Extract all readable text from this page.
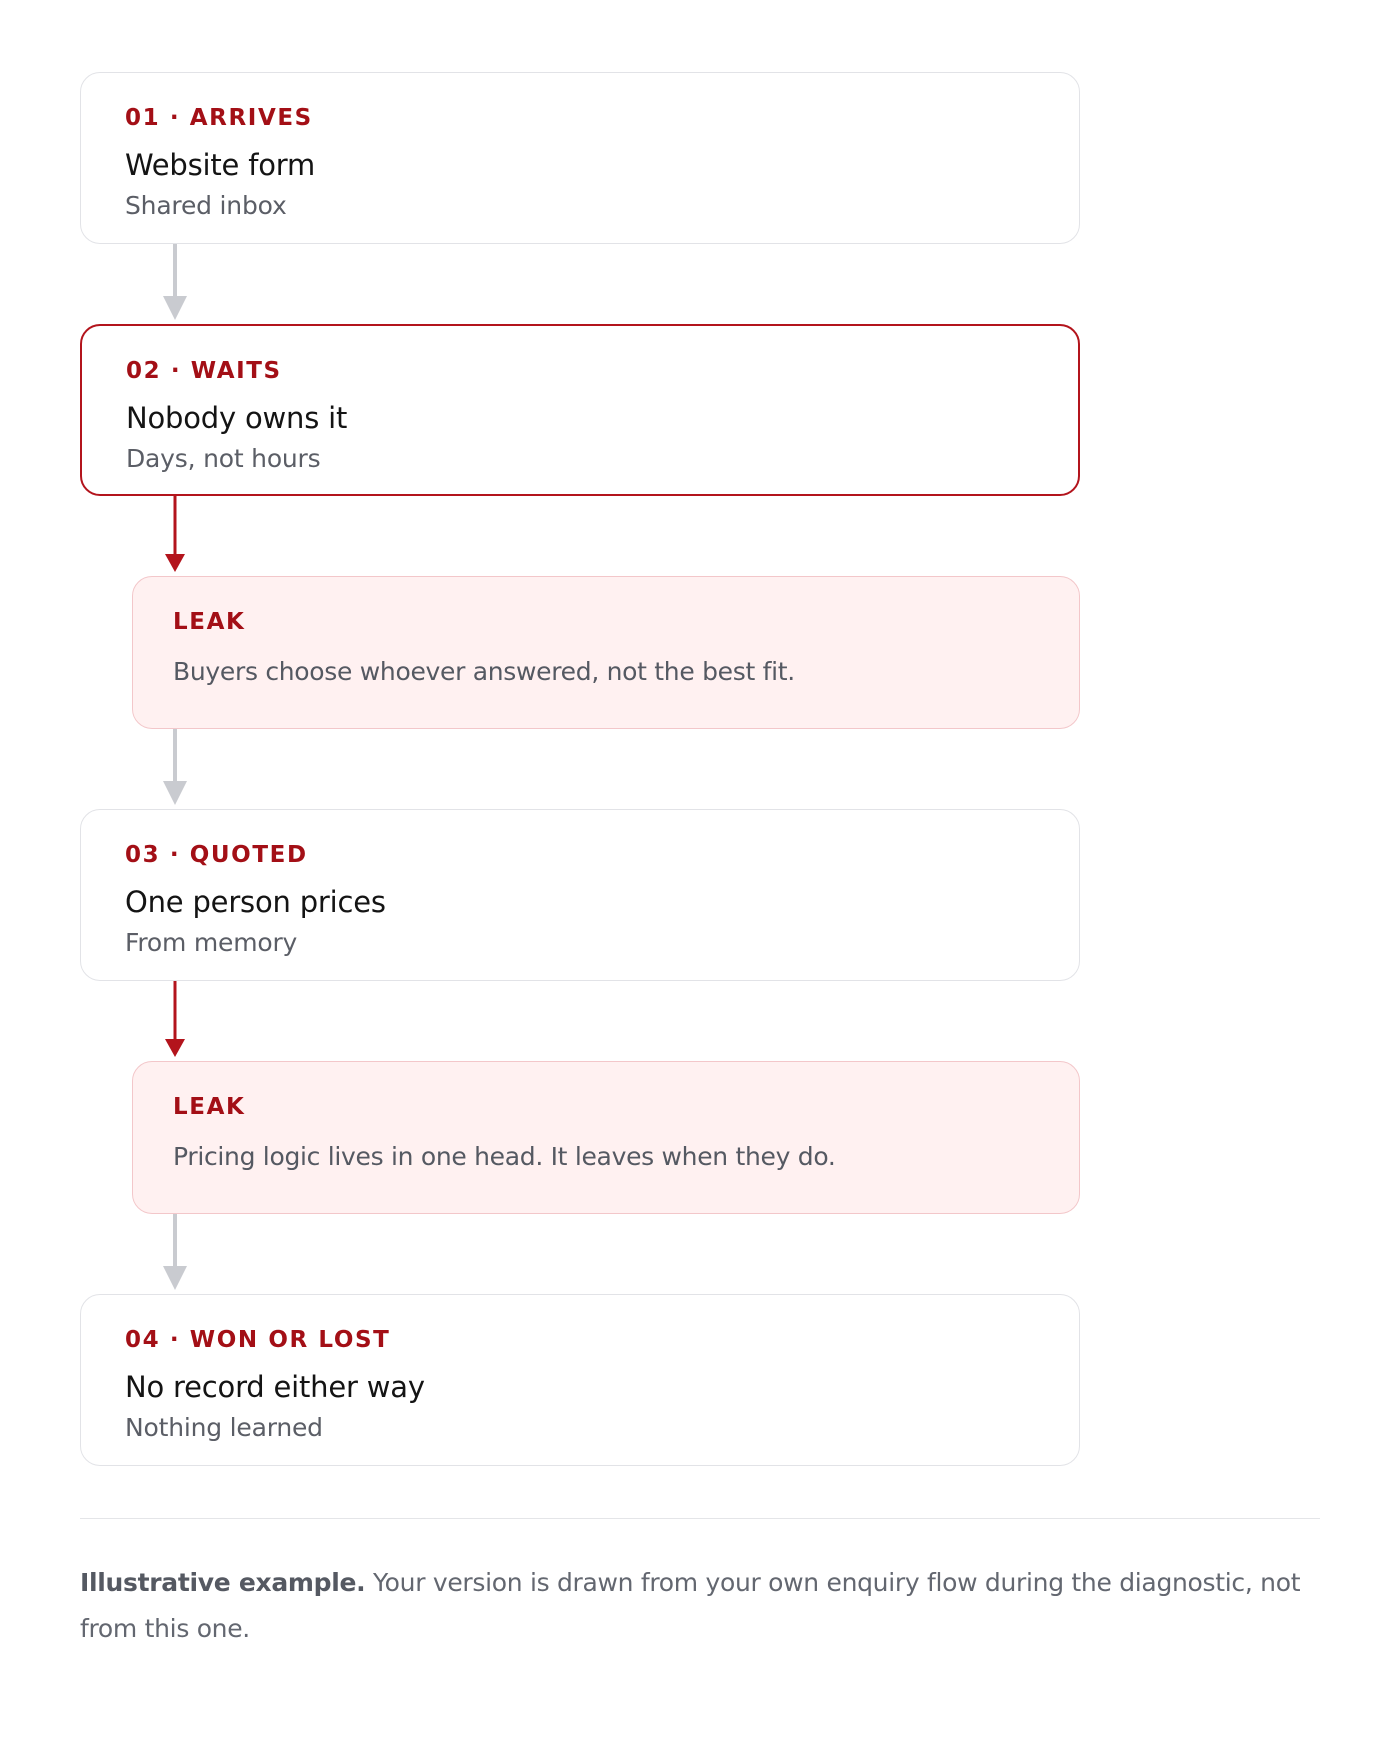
01 · ARRIVES
Website form
Shared inbox
02 · WAITS
Nobody owns it
Days, not hours
LEAK
Buyers choose whoever answered, not the best fit.
03 · QUOTED
One person prices
From memory
LEAK
Pricing logic lives in one head. It leaves when they do.
04 · WON OR LOST
No record either way
Nothing learned

Illustrative example. Your version is drawn from your own enquiry flow during the diagnostic, not from this one.
